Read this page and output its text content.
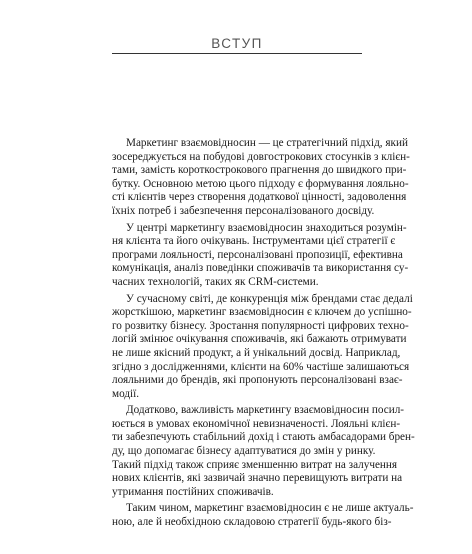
ВСТУП
Маркетинг взаємовідносин — це стратегічний підхід, який
зосереджується на побудові довгострокових стосунків з клієн-
тами, замість короткострокового прагнення до швидкого при-
бутку. Основною метою цього підходу є формування лояльно-
сті клієнтів через створення додаткової цінності, задоволення
їхніх потреб і забезпечення персоналізованого досвіду.
У центрі маркетингу взаємовідносин знаходиться розумін-
ня клієнта та його очікувань. Інструментами цієї стратегії є
програми лояльності, персоналізовані пропозиції, ефективна
комунікація, аналіз поведінки споживачів та використання су-
часних технологій, таких як CRM-системи.
У сучасному світі, де конкуренція між брендами стає дедалі
жорсткішою, маркетинг взаємовідносин є ключем до успішно-
го розвитку бізнесу. Зростання популярності цифрових техно-
логій змінює очікування споживачів, які бажають отримувати
не лише якісний продукт, а й унікальний досвід. Наприклад,
згідно з дослідженнями, клієнти на 60% частіше залишаються
лояльними до брендів, які пропонують персоналізовані взає-
модії.
Додатково, важливість маркетингу взаємовідносин посил-
юється в умовах економічної невизначеності. Лояльні клієн-
ти забезпечують стабільний дохід і стають амбасадорами брен-
ду, що допомагає бізнесу адаптуватися до змін у ринку.
Такий підхід також сприяє зменшенню витрат на залучення
нових клієнтів, які зазвичай значно перевищують витрати на
утримання постійних споживачів.
Таким чином, маркетинг взаємовідносин є не лише актуаль-
ною, але й необхідною складовою стратегії будь-якого біз-
